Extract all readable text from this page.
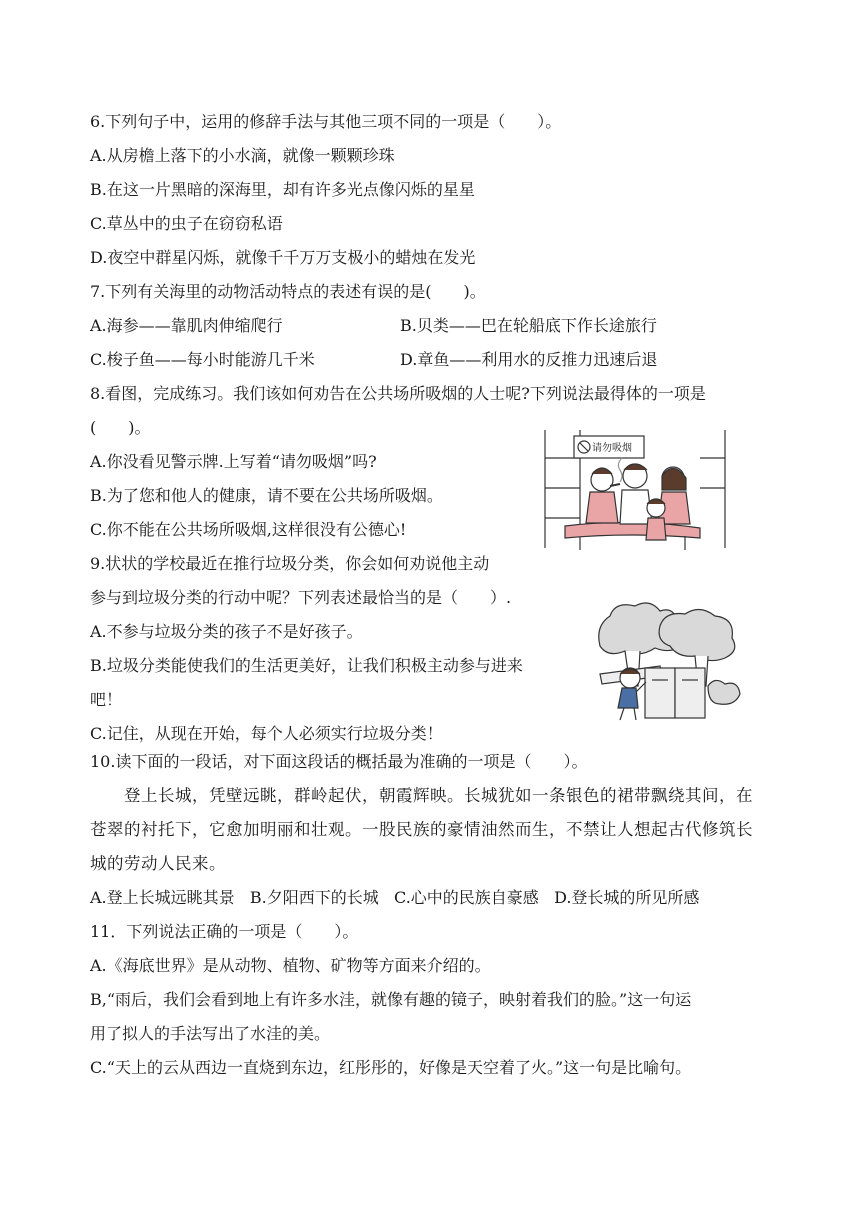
6.下列句子中，运用的修辞手法与其他三项不同的一项是（　　）。
A.从房檐上落下的小水滴，就像一颗颗珍珠
B.在这一片黑暗的深海里，却有许多光点像闪烁的星星
C.草丛中的虫子在窃窃私语
D.夜空中群星闪烁，就像千千万万支极小的蜡烛在发光
7.下列有关海里的动物活动特点的表述有误的是(　　)。
A.海参——靠肌肉伸缩爬行	B.贝类——巴在轮船底下作长途旅行
C.梭子鱼——每小时能游几千米	D.章鱼——利用水的反推力迅速后退
8.看图，完成练习。我们该如何劝告在公共场所吸烟的人士呢?下列说法最得体的一项是
(　　)。
A.你没看见警示牌.上写着“请勿吸烟”吗?
B.为了您和他人的健康，请不要在公共场所吸烟。
C.你不能在公共场所吸烟,这样很没有公德心!
请勿吸烟
9.状状的学校最近在推行垃圾分类，你会如何劝说他主动
参与到垃圾分类的行动中呢？下列表述最恰当的是（　　）.
A.不参与垃圾分类的孩子不是好孩子。
B.垃圾分类能使我们的生活更美好，让我们积极主动参与进来
吧！
C.记住，从现在开始，每个人必须实行垃圾分类！
10.读下面的一段话，对下面这段话的概括最为准确的一项是（　　）。
　　登上长城，凭壁远眺，群岭起伏，朝霞辉映。长城犹如一条银色的裙带飘绕其间，在
苍翠的衬托下，它愈加明丽和壮观。一股民族的豪情油然而生，不禁让人想起古代修筑长
城的劳动人民来。
A.登上长城远眺其景 B.夕阳西下的长城 C.心中的民族自豪感 D.登长城的所见所感
11．下列说法正确的一项是（　　）。
A.《海底世界》是从动物、植物、矿物等方面来介绍的。
B,“雨后，我们会看到地上有许多水洼，就像有趣的镜子，映射着我们的脸。”这一句运
用了拟人的手法写出了水洼的美。
C.“天上的云从西边一直烧到东边，红彤彤的，好像是天空着了火。”这一句是比喻句。
